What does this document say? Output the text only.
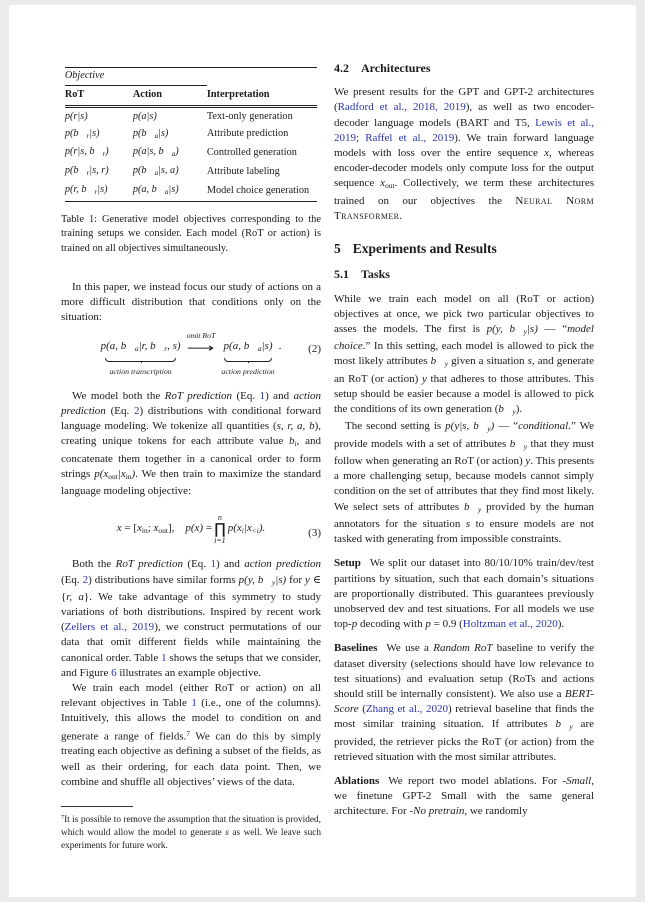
Objective		
RoT	Action	Interpretation
p(r|s)	p(a|s)	Text-only generation
$p(b⃗_r|s)$	$p(b⃗_a|s)$	Attribute prediction
p(r|s, $b⃗_r$)	p(a|s, $b⃗_a$)	Controlled generation
$p(b⃗_r|s$, r)	$p(b⃗_a|s$, a)	Attribute labeling
p(r, $b⃗_r|s$)	p(a, $b⃗_a|s$)	Model choice generation

Table 1: Generative model objectives corresponding to the training setups we consider. Each model (RoT or action) is trained on all objectives simultaneously.

In this paper, we instead focus our study of actions on a more difficult distribution that conditions only on the situation:

p(a, $b⃗_a|r$, $b⃗_r$, s)
action transcription
omit RoT
⟶ p(a, $b⃗_a|s$)
action prediction
. (2)

We model both the RoT prediction (Eq. 1) and action prediction (Eq. 2) distributions with conditional forward language modeling. We tokenize all quantities (s, r, a, b), creating unique tokens for each attribute value $b_i$, and concatenate them together in a canonical order to form strings p(xout|xin). We then train to maximize the standard language modeling objective:

x = [xin; xout],  p(x) =
n
∏
i=1
$p(x_i|x_{<i})$.	(3)

Both the RoT prediction (Eq. 1) and action prediction (Eq. 2) distributions have similar forms p(y, $b⃗_y|s$) for y ∈ {r, a}. We take advantage of this symmetry to study variations of both distributions. Inspired by recent work (Zellers et al., 2019), we construct permutations of our data that omit different fields while maintaining the canonical order. Table 1 shows the setups that we consider, and Figure 6 illustrates an example objective.

We train each model (either RoT or action) on all relevant objectives in Table 1 (i.e., one of the columns). Intuitively, this allows the model to condition on and generate a range of fields.$^7$ We can do this by simply treating each objective as defining a subset of the fields, as well as their ordering, for each data point. Then, we combine and shuffle all objectives’ views of the data.

$^7$It is possible to remove the assumption that the situation is provided, which would allow the model to generate s as well. We leave such experiments for future work.

4.2 Architectures

We present results for the GPT and GPT-2 architectures (Radford et al., 2018, 2019), as well as two encoder-decoder language models (BART and T5, Lewis et al., 2019; Raffel et al., 2019). We train forward language models with loss over the entire sequence x, whereas encoder-decoder models only compute loss for the output sequence xout. Collectively, we term these architectures trained on our objectives the Neural Norm Transformer.

5 Experiments and Results
5.1 Tasks

While we train each model on all (RoT or action) objectives at once, we pick two particular objectives to asses the models. The first is p(y, $b⃗_y|s$) — “model choice.” In this setting, each model is allowed to pick the most likely attributes $b⃗_y$ given a situation s, and generate an RoT (or action) y that adheres to those attributes. This setup should be easier because a model is allowed to pick the conditions of its own generation $(b⃗_y)$.

The second setting is p(y|s, $b⃗_y$) — “conditional.” We provide models with a set of attributes $b⃗_y$ that they must follow when generating an RoT (or action) y. This presents a more challenging setup, because models cannot simply condition on the set of attributes that they find most likely. We select sets of attributes $b⃗_y$ provided by the human annotators for the situation s to ensure models are not tasked with generating from impossible constraints.

Setup We split our dataset into 80/10/10% train/dev/test partitions by situation, such that each domain’s situations are proportionally distributed. This guarantees previously unobserved dev and test situations. For all models we use top-p decoding with p = 0.9 (Holtzman et al., 2020).

Baselines We use a Random RoT baseline to verify the dataset diversity (selections should have low relevance to test situations) and evaluation setup (RoTs and actions should still be internally consistent). We also use a BERT-Score (Zhang et al., 2020) retrieval baseline that finds the most similar training situation. If attributes $b⃗_y$ are provided, the retriever picks the RoT (or action) from the retrieved situation with the most similar attributes.

Ablations We report two model ablations. For -Small, we finetune GPT-2 Small with the same general architecture. For -No pretrain, we randomly
